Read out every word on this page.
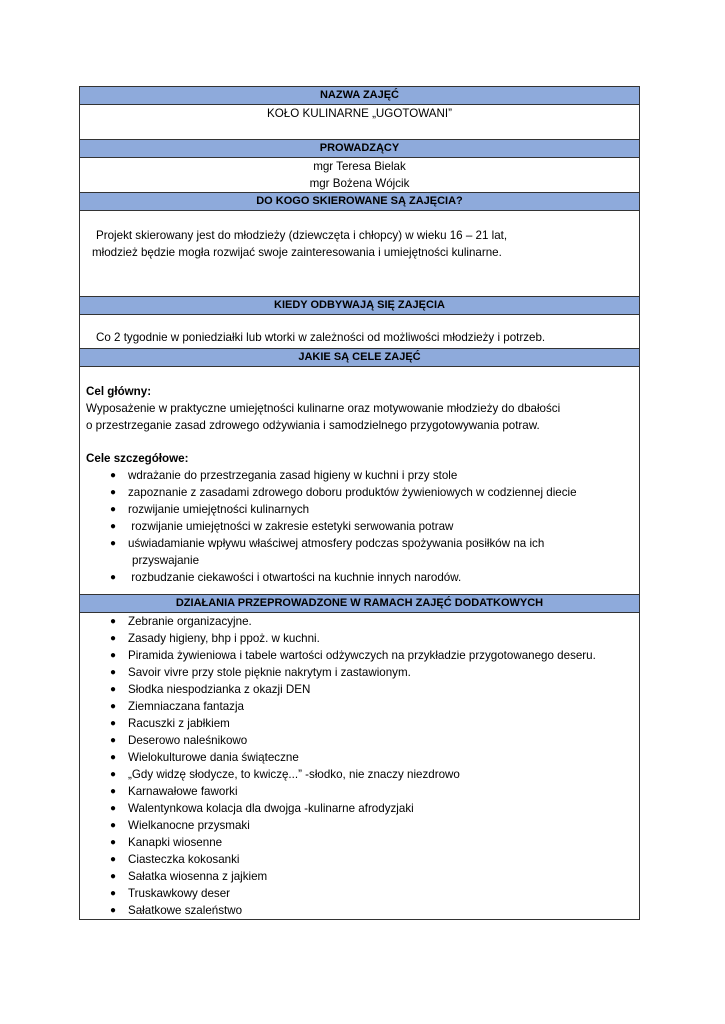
NAZWA ZAJĘĆ
KOŁO KULINARNE „UGOTOWANI”
PROWADZĄCY
mgr Teresa Bielak
mgr Bożena Wójcik
DO KOGO SKIEROWANE SĄ ZAJĘCIA?
Projekt skierowany jest do młodzieży (dziewczęta i chłopcy) w wieku 16 – 21 lat,
młodzież będzie mogła rozwijać swoje zainteresowania i umiejętności kulinarne.
KIEDY ODBYWAJĄ SIĘ ZAJĘCIA
Co 2 tygodnie w poniedziałki lub wtorki w zależności od możliwości młodzieży i potrzeb.
JAKIE SĄ CELE ZAJĘĆ
Cel główny:
Wyposażenie w praktyczne umiejętności kulinarne oraz motywowanie młodzieży do dbałości
o przestrzeganie zasad zdrowego odżywiania i samodzielnego przygotowywania potraw.
Cele szczegółowe:
● wdrażanie do przestrzegania zasad higieny w kuchni i przy stole
● zapoznanie z zasadami zdrowego doboru produktów żywieniowych w codziennej diecie
● rozwijanie umiejętności kulinarnych
● rozwijanie umiejętności w zakresie estetyki serwowania potraw
● uświadamianie wpływu właściwej atmosfery podczas spożywania posiłków na ich
przyswajanie
● rozbudzanie ciekawości i otwartości na kuchnie innych narodów.
DZIAŁANIA PRZEPROWADZONE W RAMACH ZAJĘĆ DODATKOWYCH
● Zebranie organizacyjne.
● Zasady higieny, bhp i ppoż. w kuchni.
● Piramida żywieniowa i tabele wartości odżywczych na przykładzie przygotowanego deseru.
● Savoir vivre przy stole pięknie nakrytym i zastawionym.
● Słodka niespodzianka z okazji DEN
● Ziemniaczana fantazja
● Racuszki z jabłkiem
● Deserowo naleśnikowo
● Wielokulturowe dania świąteczne
● „Gdy widzę słodycze, to kwiczę...” -słodko, nie znaczy niezdrowo
● Karnawałowe faworki
● Walentynkowa kolacja dla dwojga -kulinarne afrodyzjaki
● Wielkanocne przysmaki
● Kanapki wiosenne
● Ciasteczka kokosanki
● Sałatka wiosenna z jajkiem
● Truskawkowy deser
● Sałatkowe szaleństwo
